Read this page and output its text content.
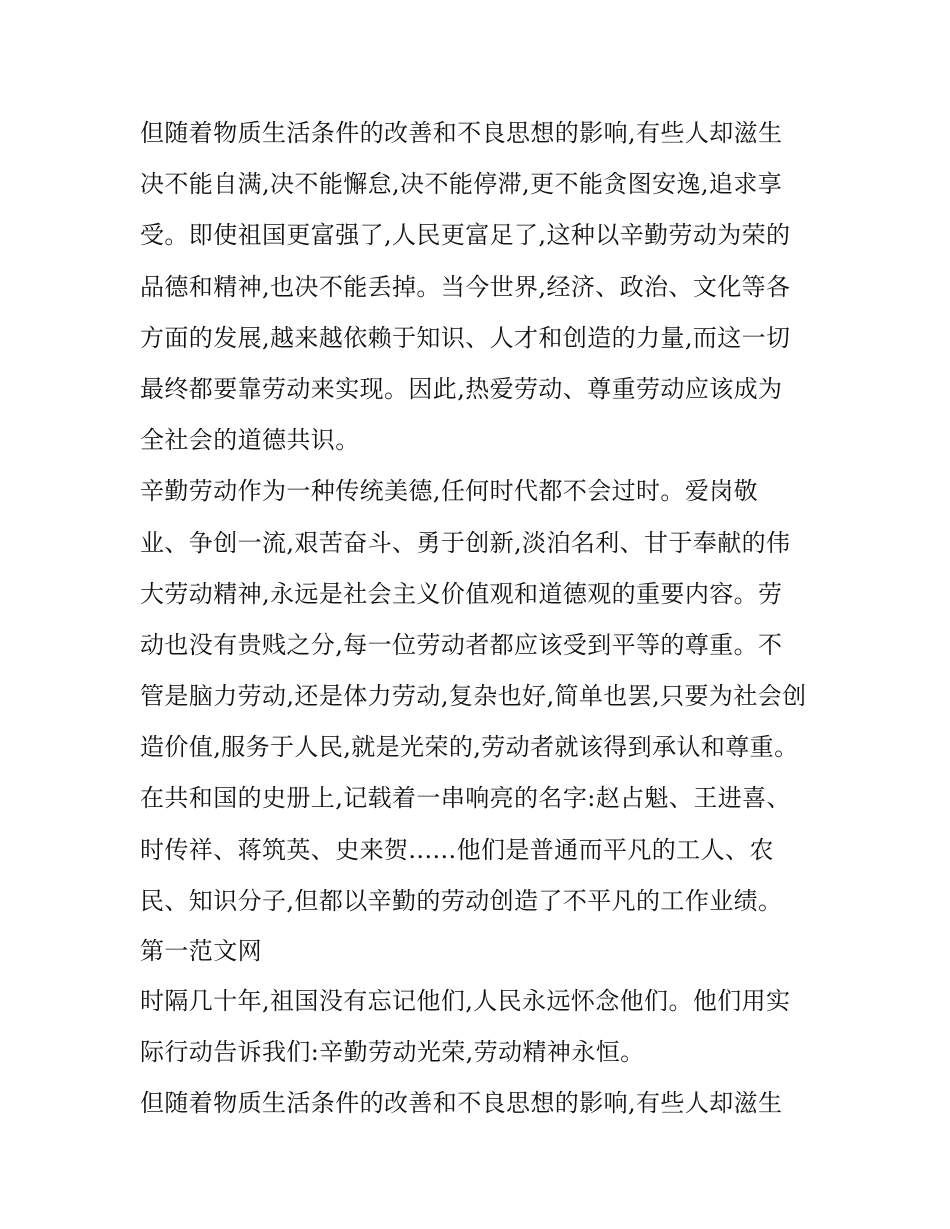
但随着物质生活条件的改善和不良思想的影响,有些人却滋生
决不能自满,决不能懈怠,决不能停滞,更不能贪图安逸,追求享
受。即使祖国更富强了,人民更富足了,这种以辛勤劳动为荣的
品德和精神,也决不能丢掉。当今世界,经济、政治、文化等各
方面的发展,越来越依赖于知识、人才和创造的力量,而这一切
最终都要靠劳动来实现。因此,热爱劳动、尊重劳动应该成为
全社会的道德共识。
辛勤劳动作为一种传统美德,任何时代都不会过时。爱岗敬
业、争创一流,艰苦奋斗、勇于创新,淡泊名利、甘于奉献的伟
大劳动精神,永远是社会主义价值观和道德观的重要内容。劳
动也没有贵贱之分,每一位劳动者都应该受到平等的尊重。不
管是脑力劳动,还是体力劳动,复杂也好,简单也罢,只要为社会创
造价值,服务于人民,就是光荣的,劳动者就该得到承认和尊重。
在共和国的史册上,记载着一串响亮的名字:赵占魁、王进喜、
时传祥、蒋筑英、史来贺......他们是普通而平凡的工人、农
民、知识分子,但都以辛勤的劳动创造了不平凡的工作业绩。
第一范文网
时隔几十年,祖国没有忘记他们,人民永远怀念他们。他们用实
际行动告诉我们:辛勤劳动光荣,劳动精神永恒。
但随着物质生活条件的改善和不良思想的影响,有些人却滋生
